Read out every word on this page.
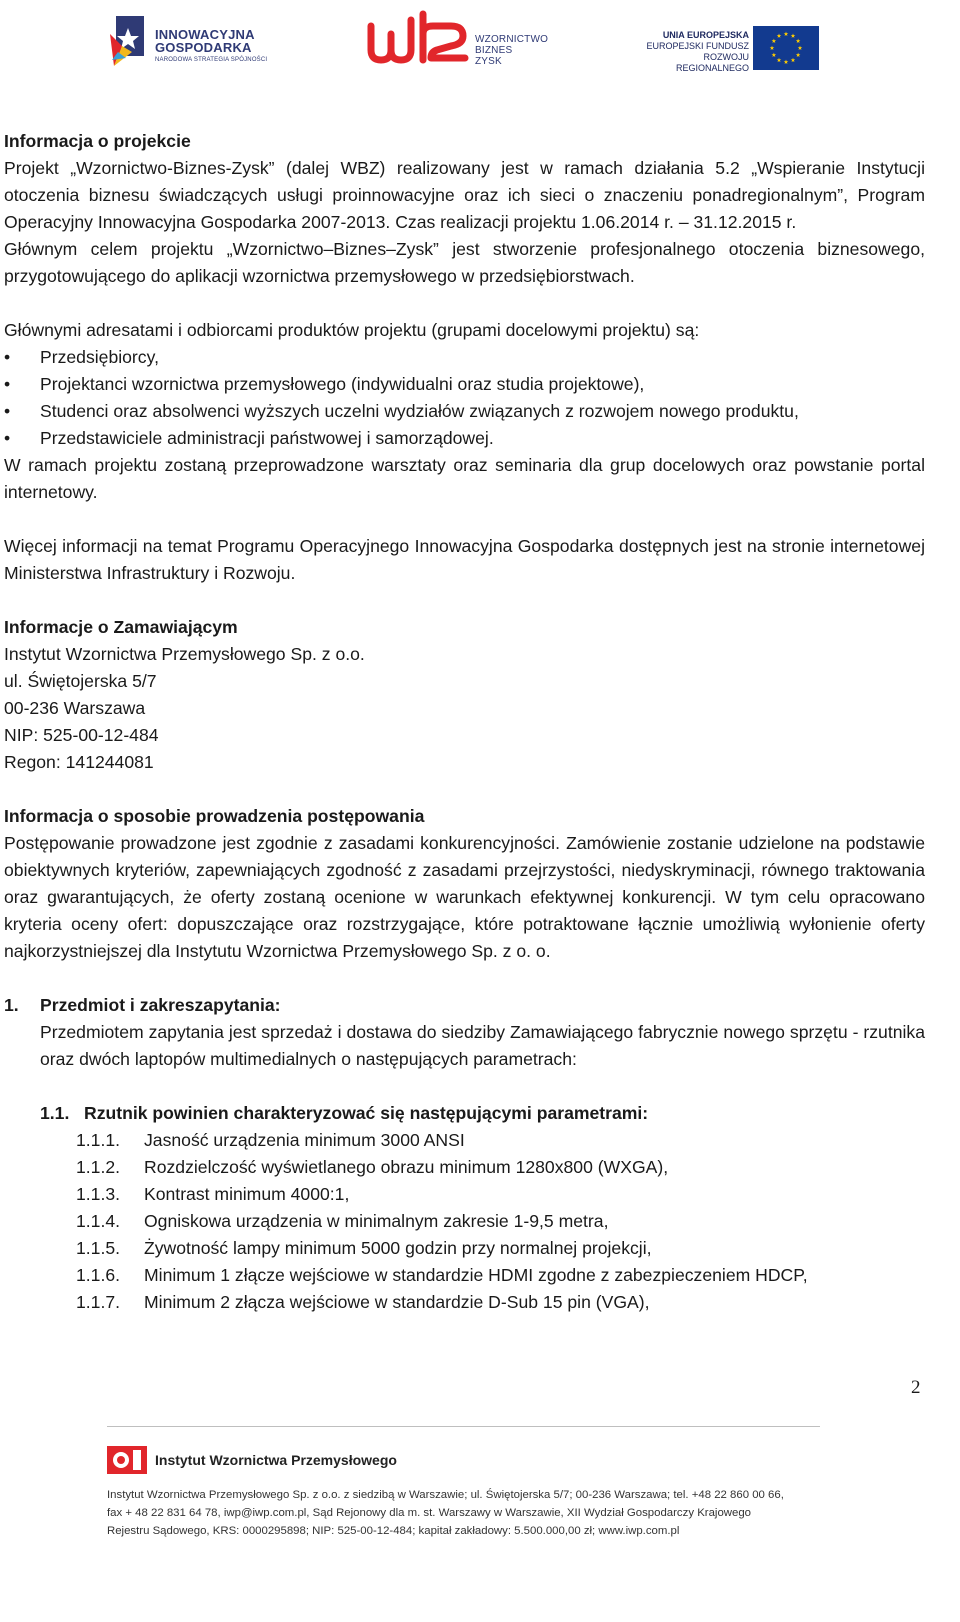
INNOWACYJNA
GOSPODARKA
NARODOWA STRATEGIA SPÓJNOŚCI
WZORNICTWO
BIZNES
ZYSK
UNIA EUROPEJSKA
EUROPEJSKI FUNDUSZ
ROZWOJU REGIONALNEGO

Informacja o projekcie

Projekt „Wzornictwo-Biznes-Zysk” (dalej WBZ) realizowany jest w ramach działania 5.2 „Wspieranie Instytucji otoczenia biznesu świadczących usługi proinnowacyjne oraz ich sieci o znaczeniu ponadregionalnym”, Program Operacyjny Innowacyjna Gospodarka 2007-2013. Czas realizacji projektu 1.06.2014 r. – 31.12.2015 r.

Głównym celem projektu „Wzornictwo–Biznes–Zysk” jest stworzenie profesjonalnego otoczenia biznesowego, przygotowującego do aplikacji wzornictwa przemysłowego w przedsiębiorstwach.

Głównymi adresatami i odbiorcami produktów projektu (grupami docelowymi projektu) są:

• Przedsiębiorcy,
• Projektanci wzornictwa przemysłowego (indywidualni oraz studia projektowe),
• Studenci oraz absolwenci wyższych uczelni wydziałów związanych z rozwojem nowego produktu,
• Przedstawiciele administracji państwowej i samorządowej.

W ramach projektu zostaną przeprowadzone warsztaty oraz seminaria dla grup docelowych oraz powstanie portal internetowy.

Więcej informacji na temat Programu Operacyjnego Innowacyjna Gospodarka dostępnych jest na stronie internetowej Ministerstwa Infrastruktury i Rozwoju.

Informacje o Zamawiającym

Instytut Wzornictwa Przemysłowego Sp. z o.o.

ul. Świętojerska 5/7

00-236 Warszawa

NIP: 525-00-12-484

Regon: 141244081

Informacja o sposobie prowadzenia postępowania

Postępowanie prowadzone jest zgodnie z zasadami konkurencyjności. Zamówienie zostanie udzielone na podstawie obiektywnych kryteriów, zapewniających zgodność z zasadami przejrzystości, niedyskryminacji, równego traktowania oraz gwarantujących, że oferty zostaną ocenione w warunkach efektywnej konkurencji. W tym celu opracowano kryteria oceny ofert: dopuszczające oraz rozstrzygające, które potraktowane łącznie umożliwią wyłonienie oferty najkorzystniejszej dla Instytutu Wzornictwa Przemysłowego Sp. z o. o.

1.	Przedmiot i zakreszapytania:

Przedmiotem zapytania jest sprzedaż i dostawa do siedziby Zamawiającego fabrycznie nowego sprzętu - rzutnika oraz dwóch laptopów multimedialnych o następujących parametrach:

1.1. Rzutnik powinien charakteryzować się następującymi parametrami:
1.1.1.	Jasność urządzenia minimum 3000 ANSI
1.1.2.	Rozdzielczość wyświetlanego obrazu minimum 1280x800 (WXGA),
1.1.3.	Kontrast minimum 4000:1,
1.1.4.	Ogniskowa urządzenia w minimalnym zakresie 1-9,5 metra,
1.1.5.	Żywotność lampy minimum 5000 godzin przy normalnej projekcji,
1.1.6.	Minimum 1 złącze wejściowe w standardzie HDMI zgodne z zabezpieczeniem HDCP,
1.1.7.	Minimum 2 złącza wejściowe w standardzie D-Sub 15 pin (VGA),
2
Instytut Wzornictwa Przemysłowego
Instytut Wzornictwa Przemysłowego Sp. z o.o. z siedzibą w Warszawie; ul. Świętojerska 5/7; 00-236 Warszawa; tel. +48 22 860 00 66,
fax + 48 22 831 64 78, iwp@iwp.com.pl, Sąd Rejonowy dla m. st. Warszawy w Warszawie, XII Wydział Gospodarczy Krajowego
Rejestru Sądowego, KRS: 0000295898; NIP: 525-00-12-484; kapitał zakładowy: 5.500.000,00 zł; www.iwp.com.pl
